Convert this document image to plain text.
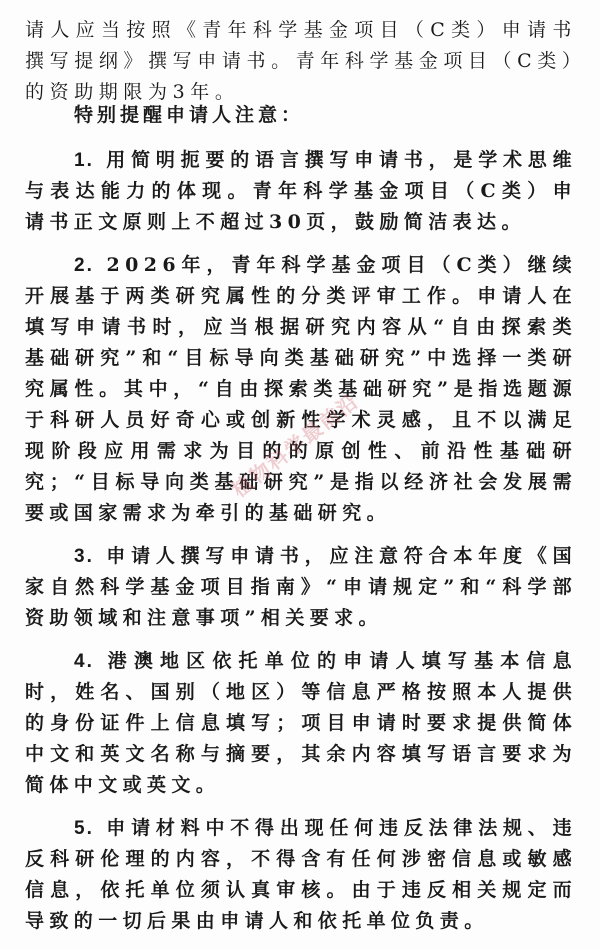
请人应当按照《青年科学基金项目（C类）申请书撰写提纲》撰写申请书。青年科学基金项目（C类）的资助期限为3年。

特别提醒申请人注意：

1. 用简明扼要的语言撰写申请书，是学术思维与表达能力的体现。青年科学基金项目（C类）申请书正文原则上不超过30页，鼓励简洁表达。

2. 2026年，青年科学基金项目（C类）继续开展基于两类研究属性的分类评审工作。申请人在填写申请书时，应当根据研究内容从“自由探索类基础研究”和“目标导向类基础研究”中选择一类研究属性。其中，“自由探索类基础研究”是指选题源于科研人员好奇心或创新性学术灵感，且不以满足现阶段应用需求为目的的原创性、前沿性基础研究；“目标导向类基础研究”是指以经济社会发展需要或国家需求为牵引的基础研究。

3. 申请人撰写申请书，应注意符合本年度《国家自然科学基金项目指南》“申请规定”和“科学部资助领域和注意事项”相关要求。

4. 港澳地区依托单位的申请人填写基本信息时，姓名、国别（地区）等信息严格按照本人提供的身份证件上信息填写；项目申请时要求提供简体中文和英文名称与摘要，其余内容填写语言要求为简体中文或英文。

5. 申请材料中不得出现任何违反法律法规、违反科研伦理的内容，不得含有任何涉密信息或敏感信息，依托单位须认真审核。由于违反相关规定而导致的一切后果由申请人和依托单位负责。

植物科学最前沿
